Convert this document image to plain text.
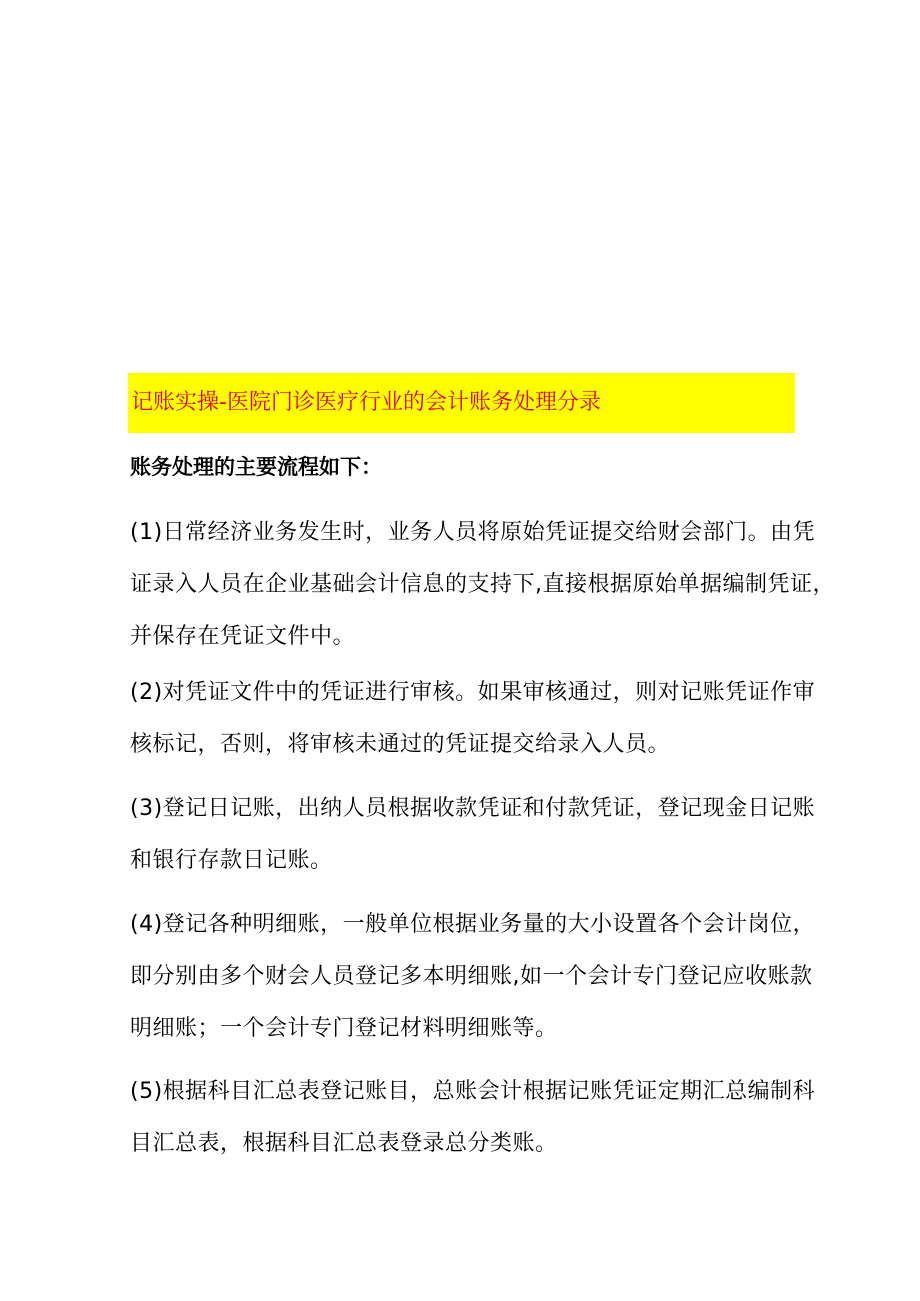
记账实操-医院门诊医疗行业的会计账务处理分录
账务处理的主要流程如下：
(1)日常经济业务发生时，业务人员将原始凭证提交给财会部门。由凭
证录入人员在企业基础会计信息的支持下,直接根据原始单据编制凭证，
并保存在凭证文件中。
(2)对凭证文件中的凭证进行审核。如果审核通过，则对记账凭证作审
核标记，否则，将审核未通过的凭证提交给录入人员。
(3)登记日记账，出纳人员根据收款凭证和付款凭证，登记现金日记账
和银行存款日记账。
(4)登记各种明细账，一般单位根据业务量的大小设置各个会计岗位，
即分别由多个财会人员登记多本明细账,如一个会计专门登记应收账款
明细账；一个会计专门登记材料明细账等。
(5)根据科目汇总表登记账目，总账会计根据记账凭证定期汇总编制科
目汇总表，根据科目汇总表登录总分类账。
